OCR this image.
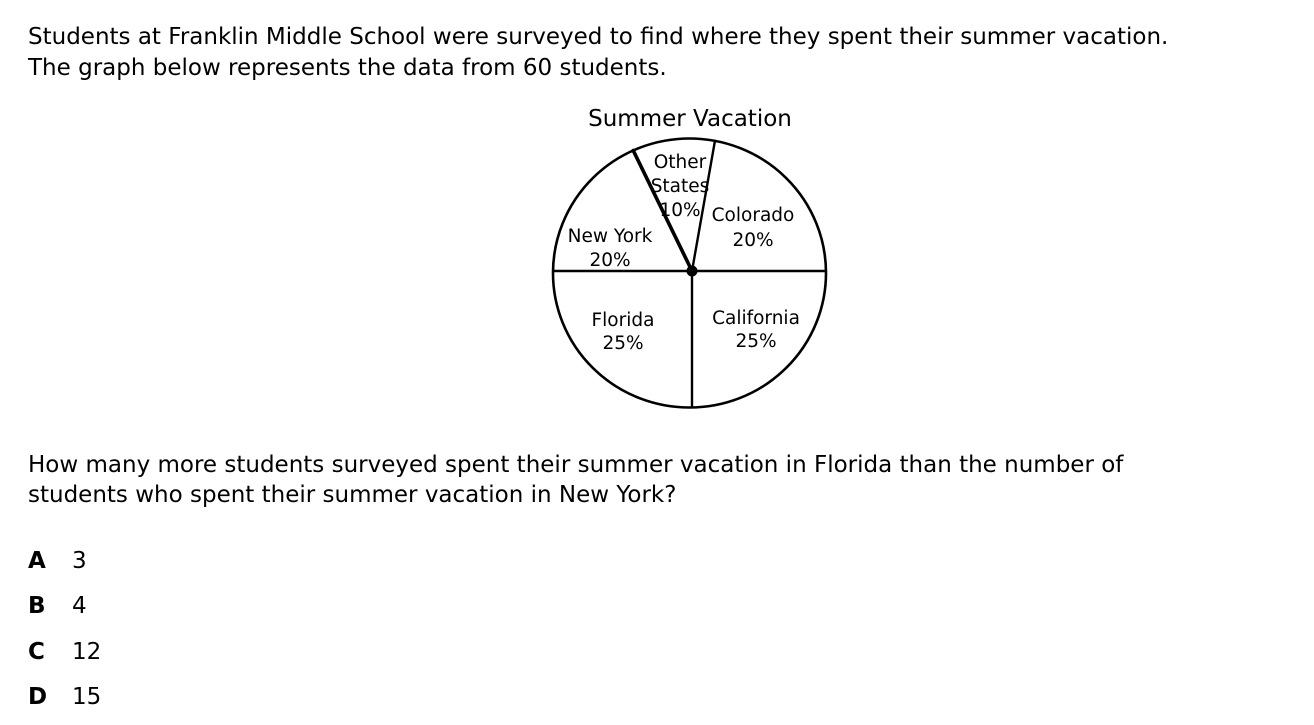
Students at Franklin Middle School were surveyed to find where they spent their summer vacation.
The graph below represents the data from 60 students.

Summer Vacation

Other States 10% Colorado 20%
California 25%
Florida 25%
New York 20%

How many more students surveyed spent their summer vacation in Florida than the number of
students who spent their summer vacation in New York?

A	3
B	4
C	12
D	15
